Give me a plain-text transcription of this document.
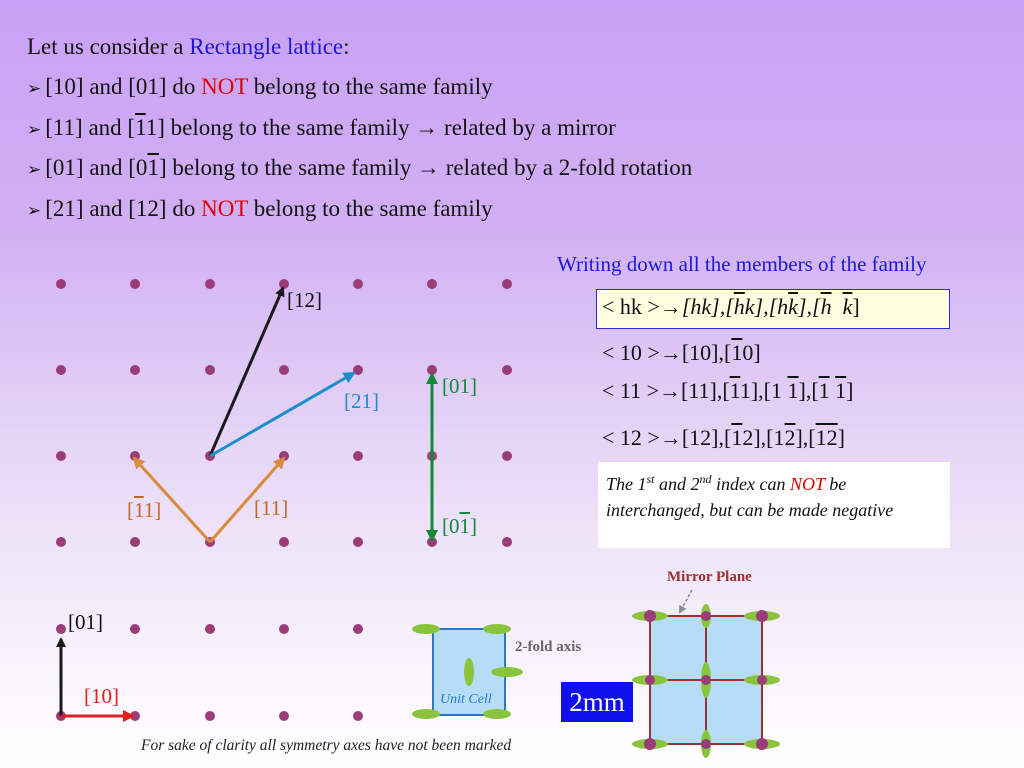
Let us consider a Rectangle lattice:
➢ [10] and [01] do NOT belong to the same family
➢ [11] and [11] belong to the same family → related by a mirror
➢ [01] and [01] belong to the same family → related by a 2-fold rotation
➢ [21] and [12] do NOT belong to the same family
Writing down all the members of the family
< hk $>\to[hk],[\overline{h}k],[h\overline{k}],[\overline{h}$ $\overline{k}$]
< 10 >→[10],[10]
< 11 >→[11],[11],[1 1],[1 1]
< 12 >→[12],[12],[12],[12]
The 1st and 2nd index can NOT be interchanged, but can be made negative
[12]
[21]
[01]
[01]
[11]	[11]
[01]
[10]
For sake of clarity all symmetry axes have not been marked
Unit Cell
2-fold axis
Mirror Plane
2mm
